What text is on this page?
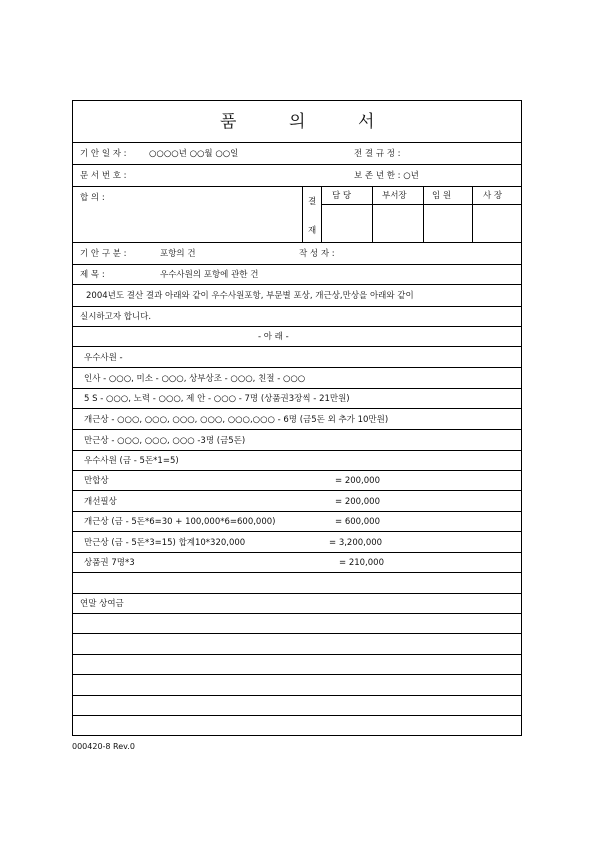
품	의	서
기 안 일 자 :	○○○○년 ○○월 ○○일	전 결 규 정 :
문 서 번 호 :	보 존 년 한 : ○년
합 의 :	결
재
담 당	부서장	임 원	사 장
기 안 구 분 :	포항의 건	작 성 자 :
제 목 :	우수사원의 포항에 관한 건
2004년도 결산 결과 아래와 같이 우수사원포항, 부문별 포상, 개근상,만상을 아래와 같이
실시하고자 합니다.
- 아 래 -
우수사원 -
인사 - ○○○, 미소 - ○○○, 상부상조 - ○○○, 친절 - ○○○
5 S - ○○○, 노력 - ○○○, 제 안 - ○○○ - 7명 (상품권3장씩 - 21만원)
개근상 - ○○○, ○○○, ○○○, ○○○, ○○○,○○○ - 6명 (금5돈 외 추가 10만원)
만근상 - ○○○, ○○○, ○○○ -3명 (금5돈)
우수사원 (금 - 5돈*1=5)
만합상	= 200,000
개선필상	= 200,000
개근상 (금 - 5돈*6=30 + 100,000*6=600,000)	= 600,000
만근상 (금 - 5돈*3=15) 합계10*320,000	= 3,200,000
상품권 7명*3	= 210,000
연말 상여금
000420-8 Rev.0
